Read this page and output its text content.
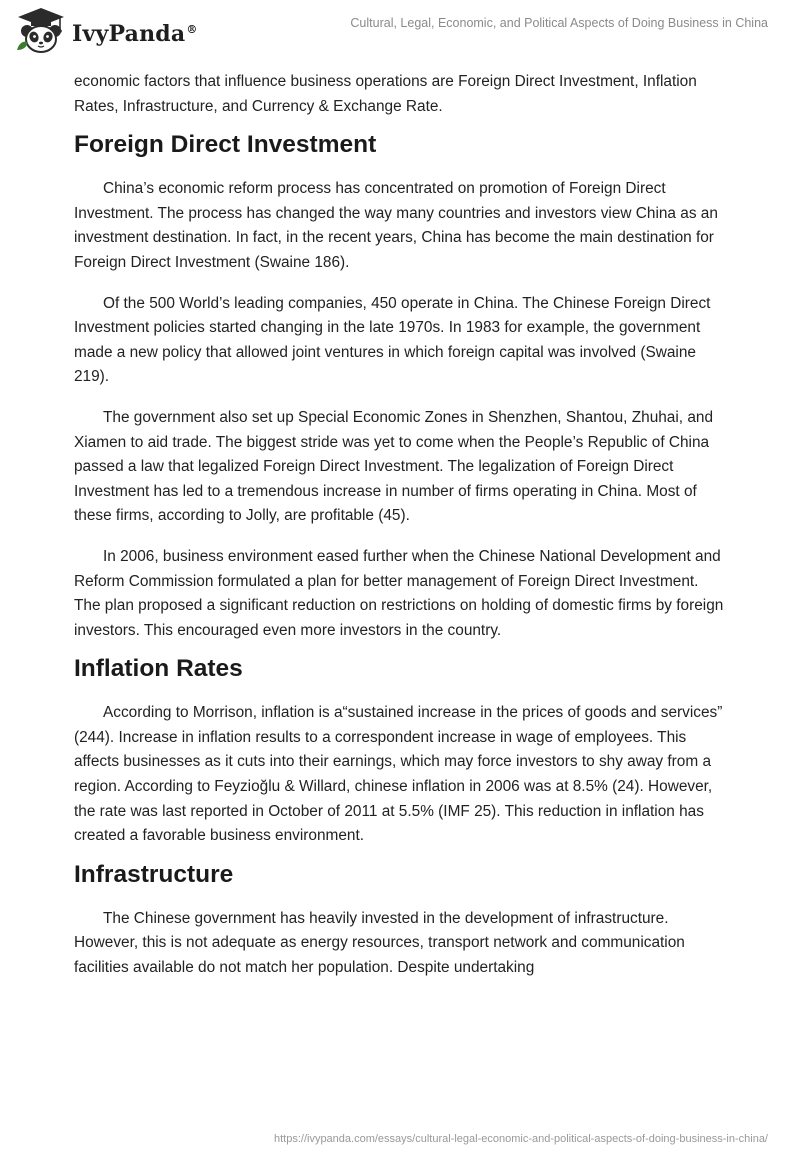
IvyPanda®	Cultural, Legal, Economic, and Political Aspects of Doing Business in China

economic factors that influence business operations are Foreign Direct Investment, Inflation Rates, Infrastructure, and Currency & Exchange Rate.

Foreign Direct Investment

China’s economic reform process has concentrated on promotion of Foreign Direct Investment. The process has changed the way many countries and investors view China as an investment destination. In fact, in the recent years, China has become the main destination for Foreign Direct Investment (Swaine 186).

Of the 500 World’s leading companies, 450 operate in China. The Chinese Foreign Direct Investment policies started changing in the late 1970s. In 1983 for example, the government made a new policy that allowed joint ventures in which foreign capital was involved (Swaine 219).

The government also set up Special Economic Zones in Shenzhen, Shantou, Zhuhai, and Xiamen to aid trade. The biggest stride was yet to come when the People’s Republic of China passed a law that legalized Foreign Direct Investment. The legalization of Foreign Direct Investment has led to a tremendous increase in number of firms operating in China. Most of these firms, according to Jolly, are profitable (45).

In 2006, business environment eased further when the Chinese National Development and Reform Commission formulated a plan for better management of Foreign Direct Investment. The plan proposed a significant reduction on restrictions on holding of domestic firms by foreign investors. This encouraged even more investors in the country.

Inflation Rates

According to Morrison, inflation is a“sustained increase in the prices of goods and services” (244). Increase in inflation results to a correspondent increase in wage of employees. This affects businesses as it cuts into their earnings, which may force investors to shy away from a region. According to Feyzioğlu & Willard, chinese inflation in 2006 was at 8.5% (24). However, the rate was last reported in October of 2011 at 5.5% (IMF 25). This reduction in inflation has created a favorable business environment.

Infrastructure

The Chinese government has heavily invested in the development of infrastructure. However, this is not adequate as energy resources, transport network and communication facilities available do not match her population. Despite undertaking

https://ivypanda.com/essays/cultural-legal-economic-and-political-aspects-of-doing-business-in-china/
